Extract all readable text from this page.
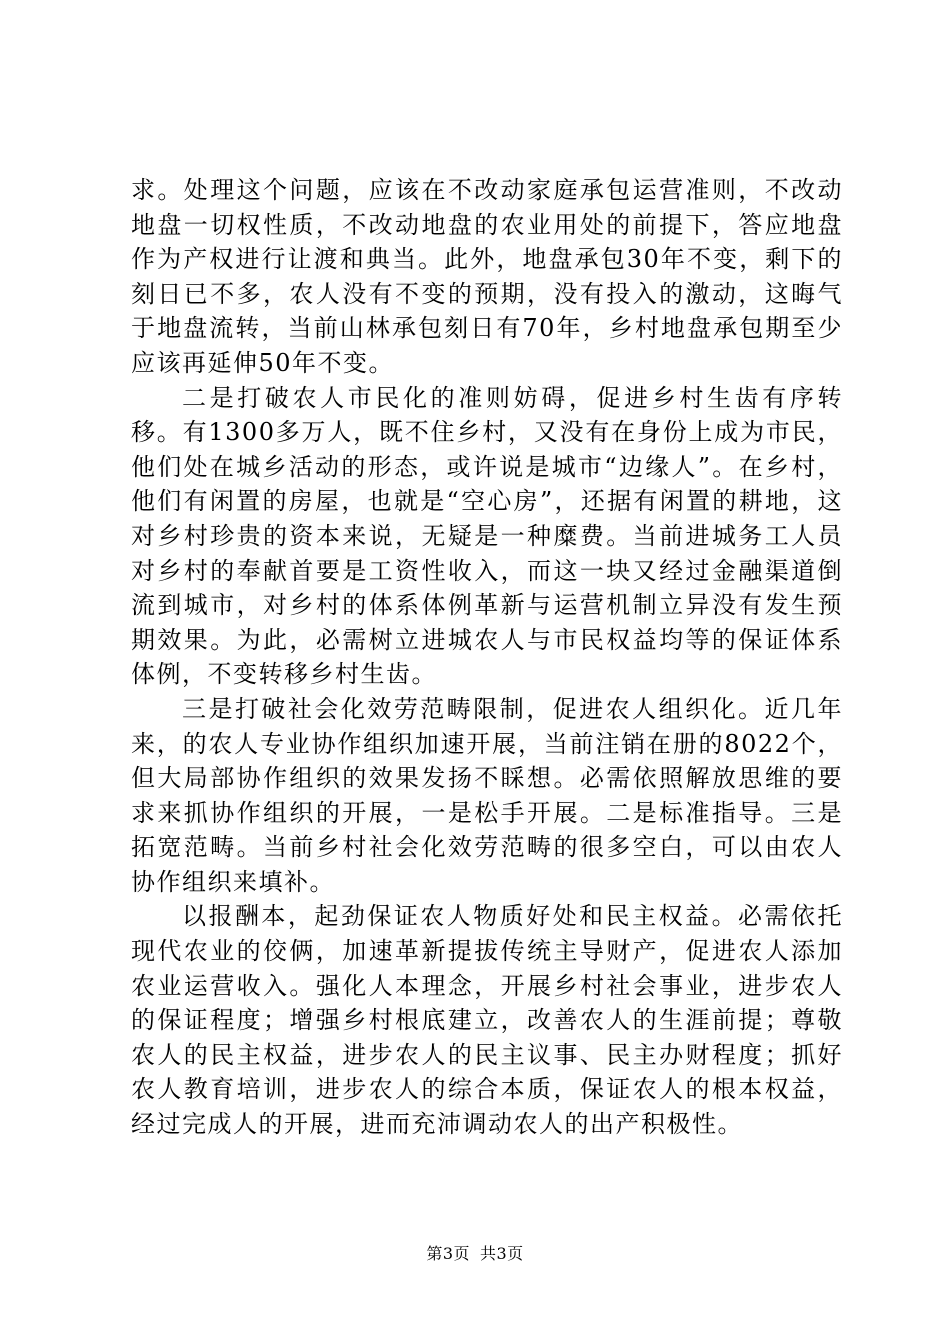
求。处理这个问题，应该在不改动家庭承包运营准则，不改动地盘一切权性质，不改动地盘的农业用处的前提下，答应地盘作为产权进行让渡和典当。此外，地盘承包30年不变，剩下的刻日已不多，农人没有不变的预期，没有投入的激动，这晦气于地盘流转，当前山林承包刻日有70年，乡村地盘承包期至少应该再延伸50年不变。

二是打破农人市民化的准则妨碍，促进乡村生齿有序转移。有1300多万人，既不住乡村，又没有在身份上成为市民，他们处在城乡活动的形态，或许说是城市“边缘人”。在乡村，他们有闲置的房屋，也就是“空心房”，还据有闲置的耕地，这对乡村珍贵的资本来说，无疑是一种糜费。当前进城务工人员对乡村的奉献首要是工资性收入，而这一块又经过金融渠道倒流到城市，对乡村的体系体例革新与运营机制立异没有发生预期效果。为此，必需树立进城农人与市民权益均等的保证体系体例，不变转移乡村生齿。

三是打破社会化效劳范畴限制，促进农人组织化。近几年来，的农人专业协作组织加速开展，当前注销在册的8022个，但大局部协作组织的效果发扬不睬想。必需依照解放思维的要求来抓协作组织的开展，一是松手开展。二是标准指导。三是拓宽范畴。当前乡村社会化效劳范畴的很多空白，可以由农人协作组织来填补。

以报酬本，起劲保证农人物质好处和民主权益。必需依托现代农业的佼俩，加速革新提拔传统主导财产，促进农人添加农业运营收入。强化人本理念，开展乡村社会事业，进步农人的保证程度；增强乡村根底建立，改善农人的生涯前提；尊敬农人的民主权益，进步农人的民主议事、民主办财程度；抓好农人教育培训，进步农人的综合本质，保证农人的根本权益，经过完成人的开展，进而充沛调动农人的出产积极性。

第3页 共3页
